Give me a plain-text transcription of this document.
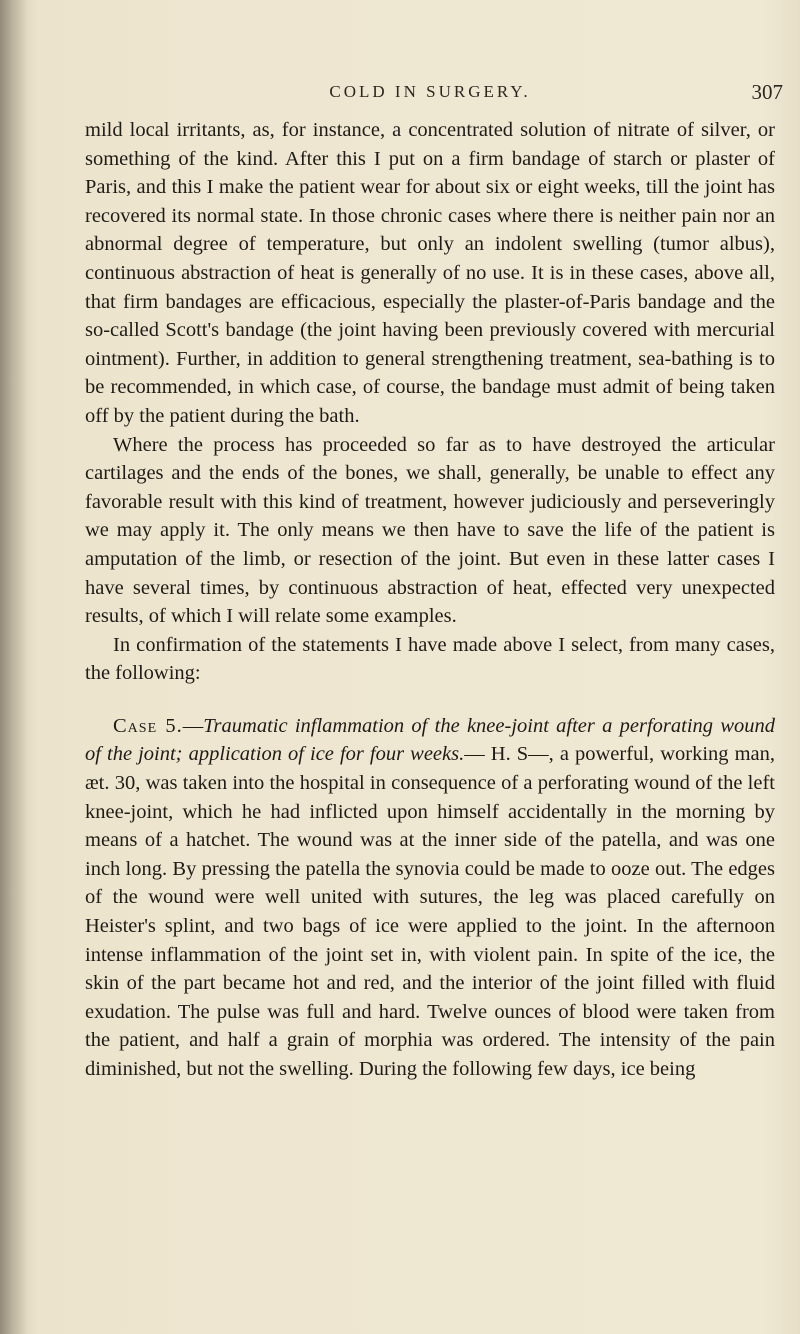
COLD IN SURGERY.	307

mild local irritants, as, for instance, a concentrated solution of nitrate of silver, or something of the kind. After this I put on a firm bandage of starch or plaster of Paris, and this I make the patient wear for about six or eight weeks, till the joint has recovered its normal state. In those chronic cases where there is neither pain nor an abnormal degree of temperature, but only an indolent swelling (tumor albus), continuous abstraction of heat is generally of no use. It is in these cases, above all, that firm bandages are efficacious, especially the plaster-of-Paris bandage and the so-called Scott's bandage (the joint having been previously covered with mercurial ointment). Further, in addition to general strengthening treatment, sea-bathing is to be recommended, in which case, of course, the bandage must admit of being taken off by the patient during the bath.

Where the process has proceeded so far as to have destroyed the articular cartilages and the ends of the bones, we shall, generally, be unable to effect any favorable result with this kind of treatment, however judiciously and perseveringly we may apply it. The only means we then have to save the life of the patient is amputation of the limb, or resection of the joint. But even in these latter cases I have several times, by continuous abstraction of heat, effected very unexpected results, of which I will relate some examples.

In confirmation of the statements I have made above I select, from many cases, the following:

Case 5.—Traumatic inflammation of the knee-joint after a perforating wound of the joint; application of ice for four weeks.— H. S—, a powerful, working man, æt. 30, was taken into the hospital in consequence of a perforating wound of the left knee-joint, which he had inflicted upon himself accidentally in the morning by means of a hatchet. The wound was at the inner side of the patella, and was one inch long. By pressing the patella the synovia could be made to ooze out. The edges of the wound were well united with sutures, the leg was placed carefully on Heister's splint, and two bags of ice were applied to the joint. In the afternoon intense inflammation of the joint set in, with violent pain. In spite of the ice, the skin of the part became hot and red, and the interior of the joint filled with fluid exudation. The pulse was full and hard. Twelve ounces of blood were taken from the patient, and half a grain of morphia was ordered. The intensity of the pain diminished, but not the swelling. During the following few days, ice being
